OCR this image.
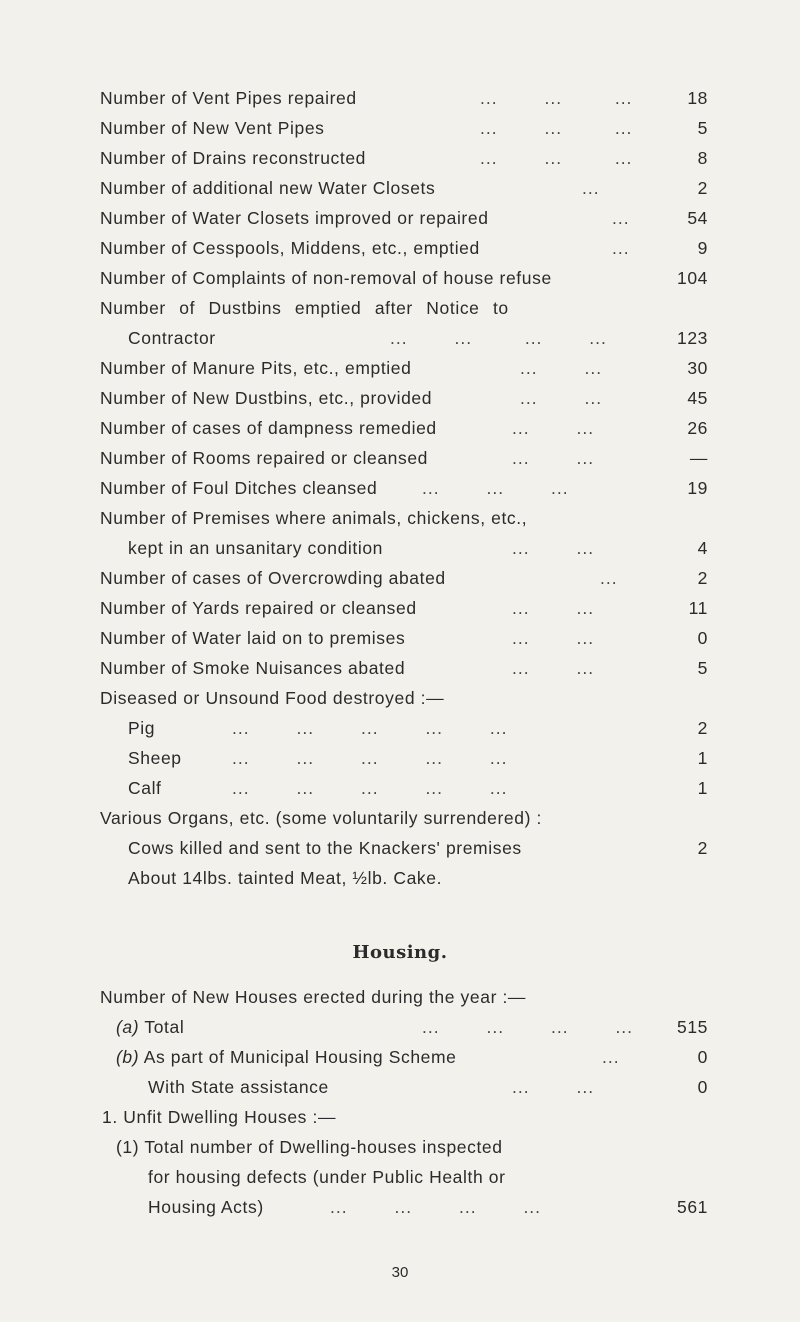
Number of Vent Pipes repaired	...        ...         ...	18
Number of New Vent Pipes	...        ...         ...	5
Number of Drains reconstructed	...        ...         ...	8
Number of additional new Water Closets	...	2
Number of Water Closets improved or repaired	...	54
Number of Cesspools, Middens, etc., emptied	...	9
Number of Complaints of non-removal of house refuse	104
Number of Dustbins emptied after Notice to
Contractor	...        ...         ...        ...	123
Number of Manure Pits, etc., emptied	...        ...	30
Number of New Dustbins, etc., provided	...        ...	45
Number of cases of dampness remedied	...        ...	26
Number of Rooms repaired or cleansed	...        ...	—
Number of Foul Ditches cleansed	...        ...        ...	19
Number of Premises where animals, chickens, etc.,
kept in an unsanitary condition	...        ...	4
Number of cases of Overcrowding abated	...	2
Number of Yards repaired or cleansed	...        ...	11
Number of Water laid on to premises	...        ...	0
Number of Smoke Nuisances abated	...        ...	5
Diseased or Unsound Food destroyed :—
Pig	...        ...        ...        ...        ...	2
Sheep	...        ...        ...        ...        ...	1
Calf	...        ...        ...        ...        ...	1
Various Organs, etc. (some voluntarily surrendered) :
Cows killed and sent to the Knackers' premises	2
About 14lbs. tainted Meat, ½lb. Cake.
Housing.
Number of New Houses erected during the year :—
(a) Total	...        ...        ...        ...	515
(b) As part of Municipal Housing Scheme	...	0
With State assistance	...        ...	0
1. Unfit Dwelling Houses :—
(1) Total number of Dwelling-houses inspected
for housing defects (under Public Health or
Housing Acts)	...        ...        ...        ...	561
30
